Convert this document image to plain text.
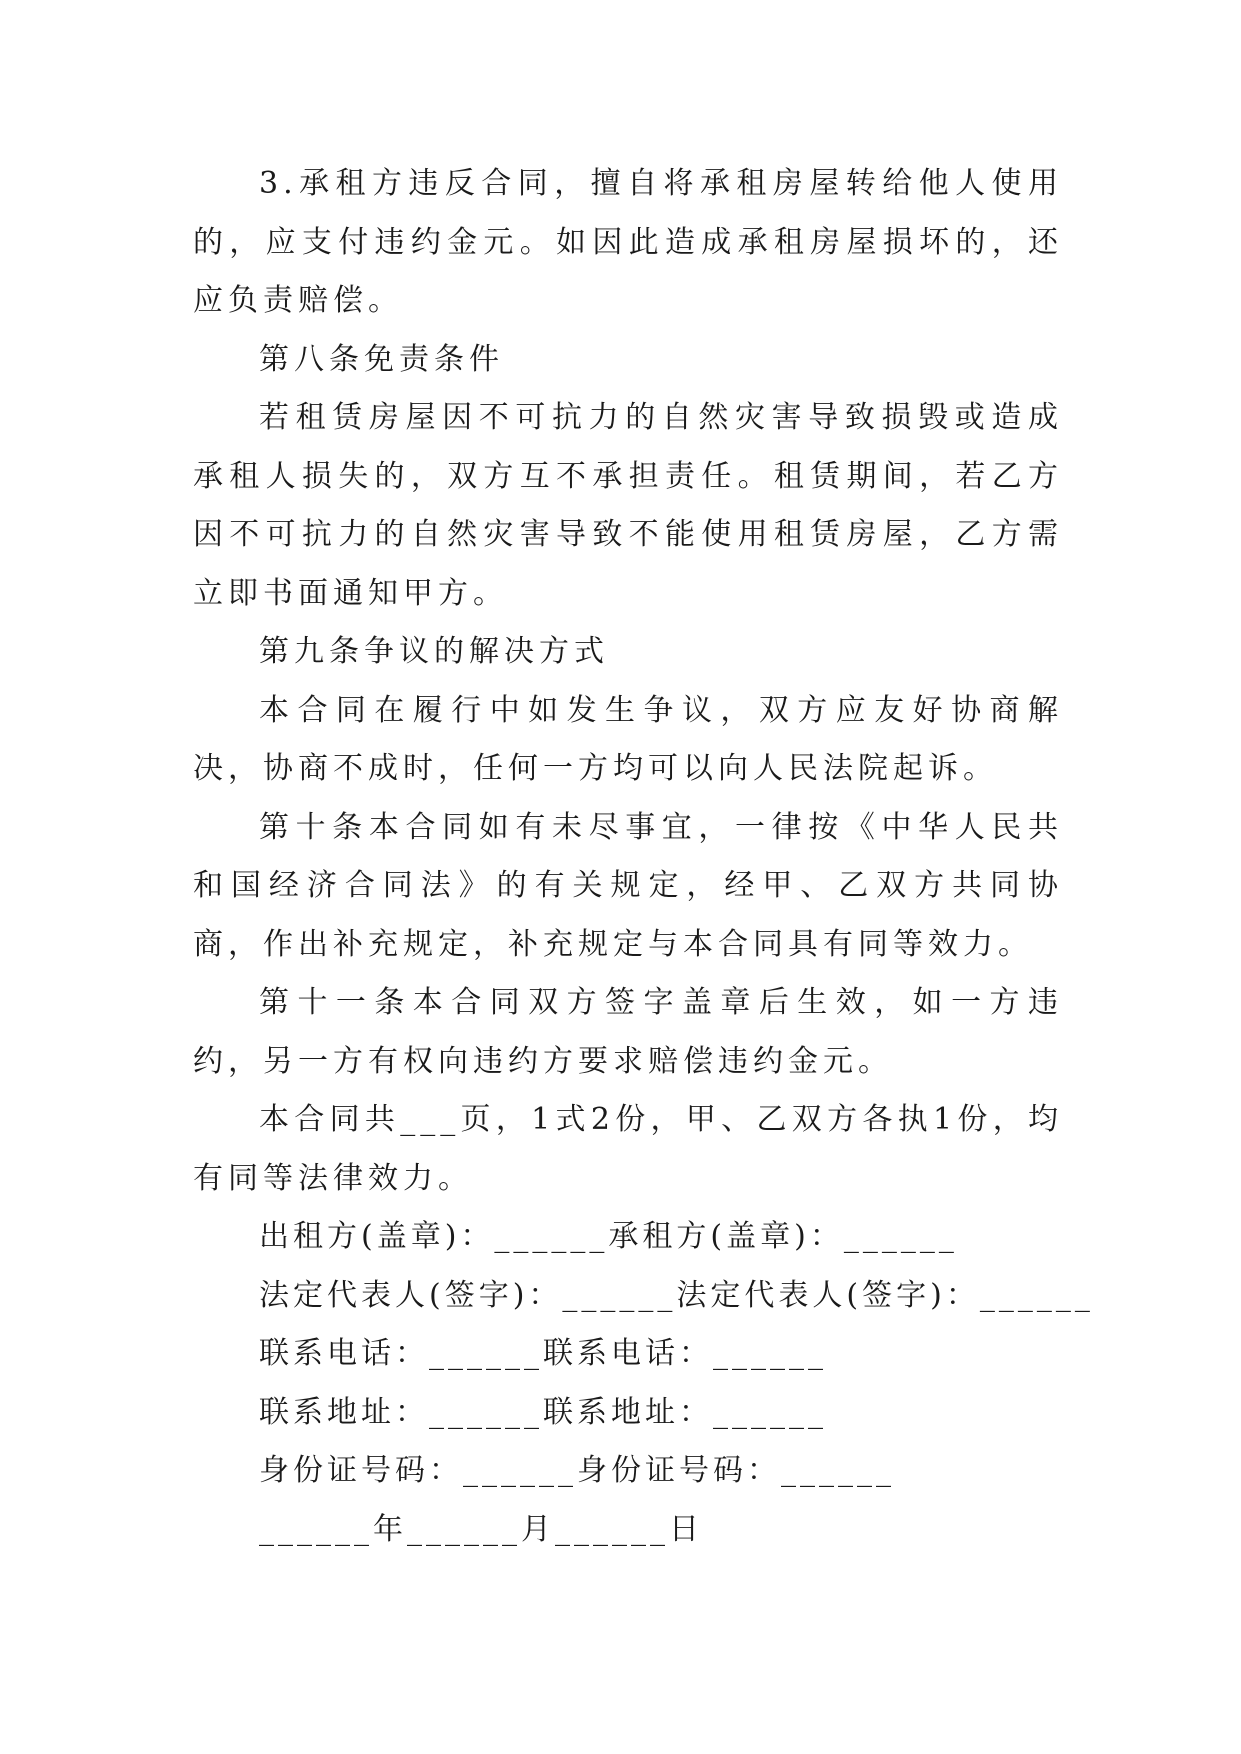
3.承租方违反合同，擅自将承租房屋转给他人使用的，应支付违约金元。如因此造成承租房屋损坏的，还应负责赔偿。

第八条免责条件

若租赁房屋因不可抗力的自然灾害导致损毁或造成承租人损失的，双方互不承担责任。租赁期间，若乙方因不可抗力的自然灾害导致不能使用租赁房屋，乙方需立即书面通知甲方。

第九条争议的解决方式

本合同在履行中如发生争议，双方应友好协商解决，协商不成时，任何一方均可以向人民法院起诉。

第十条本合同如有未尽事宜，一律按《中华人民共和国经济合同法》的有关规定，经甲、乙双方共同协商，作出补充规定，补充规定与本合同具有同等效力。

第十一条本合同双方签字盖章后生效，如一方违约，另一方有权向违约方要求赔偿违约金元。

本合同共___页，1式2份，甲、乙双方各执1份，均有同等法律效力。

出租方(盖章)：______承租方(盖章)：______

法定代表人(签字)：______法定代表人(签字)：______

联系电话：______联系电话：______

联系地址：______联系地址：______

身份证号码：______身份证号码：______

______年______月______日
